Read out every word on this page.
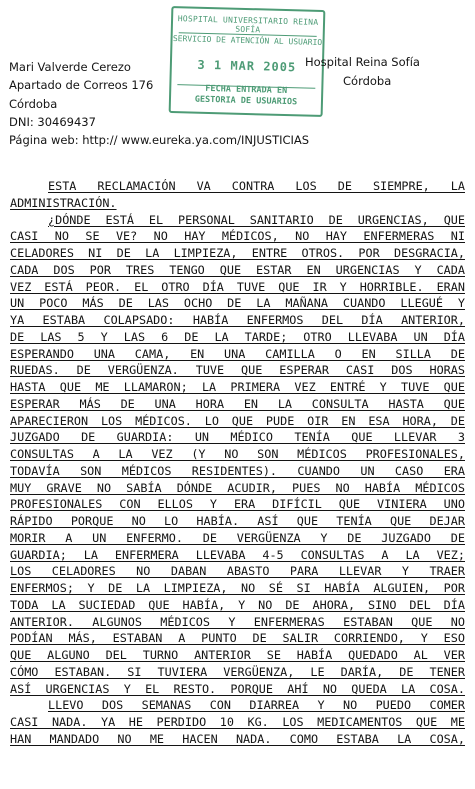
HOSPITAL UNIVERSITARIO REINA SOFÍA
SERVICIO DE ATENCIÓN AL USUARIO
3 1 MAR 2005
FECHA ENTRADA EN
GESTORIA DE USUARIOS
Mari Valverde Cerezo
Apartado de Correos 176
Córdoba
DNI: 30469437
Página web: http:// www.eureka.ya.com/INJUSTICIAS
Hospital Reina Sofía
Córdoba
ESTA RECLAMACIÓN VA CONTRA LOS DE SIEMPRE, LA
ADMINISTRACIÓN.
¿DÓNDE ESTÁ EL PERSONAL SANITARIO DE URGENCIAS, QUE
CASI NO SE VE? NO HAY MÉDICOS, NO HAY ENFERMERAS NI
CELADORES NI DE LA LIMPIEZA, ENTRE OTROS. POR DESGRACIA,
CADA DOS POR TRES TENGO QUE ESTAR EN URGENCIAS Y CADA
VEZ ESTÁ PEOR. EL OTRO DÍA TUVE QUE IR Y HORRIBLE. ERAN
UN POCO MÁS DE LAS OCHO DE LA MAÑANA CUANDO LLEGUÉ Y
YA ESTABA COLAPSADO: HABÍA ENFERMOS DEL DÍA ANTERIOR,
DE LAS 5 Y LAS 6 DE LA TARDE; OTRO LLEVABA UN DÍA
ESPERANDO UNA CAMA, EN UNA CAMILLA O EN SILLA DE
RUEDAS. DE VERGÜENZA. TUVE QUE ESPERAR CASI DOS HORAS
HASTA QUE ME LLAMARON; LA PRIMERA VEZ ENTRÉ Y TUVE QUE
ESPERAR MÁS DE UNA HORA EN LA CONSULTA HASTA QUE
APARECIERON LOS MÉDICOS. LO QUE PUDE OIR EN ESA HORA, DE
JUZGADO DE GUARDIA: UN MÉDICO TENÍA QUE LLEVAR 3
CONSULTAS A LA VEZ (Y NO SON MÉDICOS PROFESIONALES,
TODAVÍA SON MÉDICOS RESIDENTES). CUANDO UN CASO ERA
MUY GRAVE NO SABÍA DÓNDE ACUDIR, PUES NO HABÍA MÉDICOS
PROFESIONALES CON ELLOS Y ERA DIFÍCIL QUE VINIERA UNO
RÁPIDO PORQUE NO LO HABÍA. ASÍ QUE TENÍA QUE DEJAR
MORIR A UN ENFERMO. DE VERGÜENZA Y DE JUZGADO DE
GUARDIA; LA ENFERMERA LLEVABA 4-5 CONSULTAS A LA VEZ;
LOS CELADORES NO DABAN ABASTO PARA LLEVAR Y TRAER
ENFERMOS; Y DE LA LIMPIEZA, NO SÉ SI HABÍA ALGUIEN, POR
TODA LA SUCIEDAD QUE HABÍA, Y NO DE AHORA, SINO DEL DÍA
ANTERIOR. ALGUNOS MÉDICOS Y ENFERMERAS ESTABAN QUE NO
PODÍAN MÁS, ESTABAN A PUNTO DE SALIR CORRIENDO, Y ESO
QUE ALGUNO DEL TURNO ANTERIOR SE HABÍA QUEDADO AL VER
CÓMO ESTABAN. SI TUVIERA VERGÜENZA, LE DARÍA, DE TENER
ASÍ URGENCIAS Y EL RESTO. PORQUE AHÍ NO QUEDA LA COSA.
LLEVO DOS SEMANAS CON DIARREA Y NO PUEDO COMER
CASI NADA. YA HE PERDIDO 10 KG. LOS MEDICAMENTOS QUE ME
HAN MANDADO NO ME HACEN NADA. COMO ESTABA LA COSA,
